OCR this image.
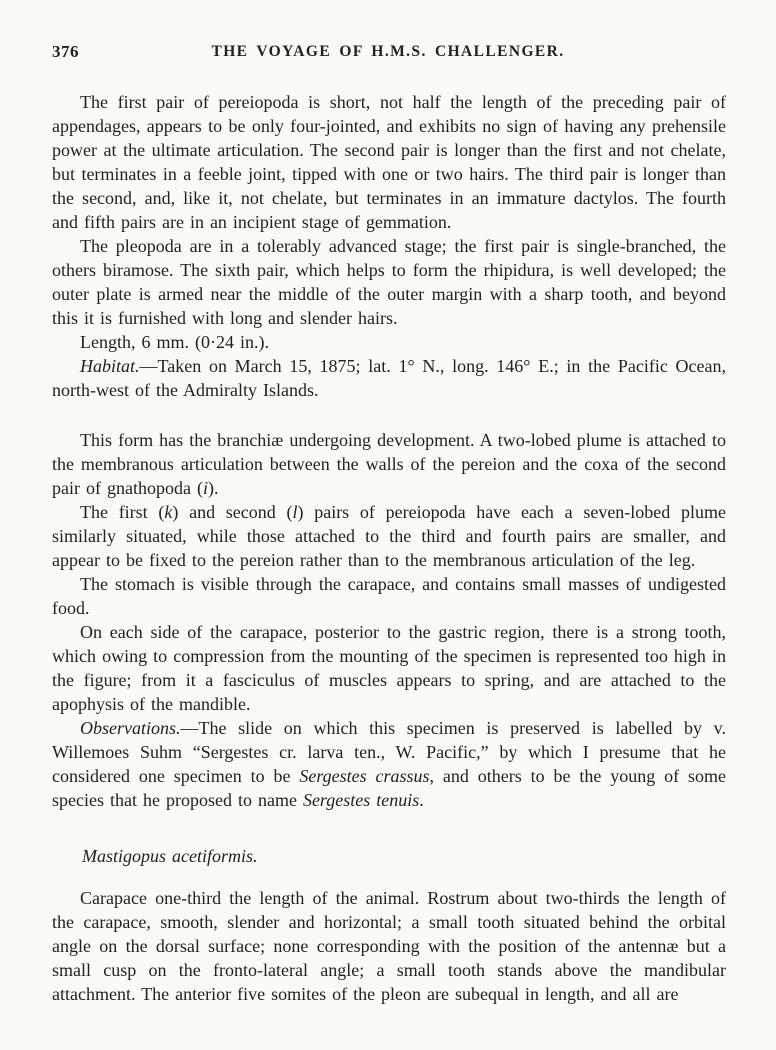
376	THE VOYAGE OF H.M.S. CHALLENGER.

The first pair of pereiopoda is short, not half the length of the preceding pair of appendages, appears to be only four-jointed, and exhibits no sign of having any prehensile power at the ultimate articulation. The second pair is longer than the first and not chelate, but terminates in a feeble joint, tipped with one or two hairs. The third pair is longer than the second, and, like it, not chelate, but terminates in an immature dactylos. The fourth and fifth pairs are in an incipient stage of gemmation.

The pleopoda are in a tolerably advanced stage; the first pair is single-branched, the others biramose. The sixth pair, which helps to form the rhipidura, is well developed; the outer plate is armed near the middle of the outer margin with a sharp tooth, and beyond this it is furnished with long and slender hairs.

Length, 6 mm. (0·24 in.).

Habitat.—Taken on March 15, 1875; lat. 1° N., long. 146° E.; in the Pacific Ocean, north-west of the Admiralty Islands.

This form has the branchiæ undergoing development. A two-lobed plume is attached to the membranous articulation between the walls of the pereion and the coxa of the second pair of gnathopoda (i).

The first (k) and second (l) pairs of pereiopoda have each a seven-lobed plume similarly situated, while those attached to the third and fourth pairs are smaller, and appear to be fixed to the pereion rather than to the membranous articulation of the leg.

The stomach is visible through the carapace, and contains small masses of undigested food.

On each side of the carapace, posterior to the gastric region, there is a strong tooth, which owing to compression from the mounting of the specimen is represented too high in the figure; from it a fasciculus of muscles appears to spring, and are attached to the apophysis of the mandible.

Observations.—The slide on which this specimen is preserved is labelled by v. Willemoes Suhm “Sergestes cr. larva ten., W. Pacific,” by which I presume that he considered one specimen to be Sergestes crassus, and others to be the young of some species that he proposed to name Sergestes tenuis.

Mastigopus acetiformis.

Carapace one-third the length of the animal. Rostrum about two-thirds the length of the carapace, smooth, slender and horizontal; a small tooth situated behind the orbital angle on the dorsal surface; none corresponding with the position of the antennæ but a small cusp on the fronto-lateral angle; a small tooth stands above the mandibular attachment. The anterior five somites of the pleon are subequal in length, and all are
